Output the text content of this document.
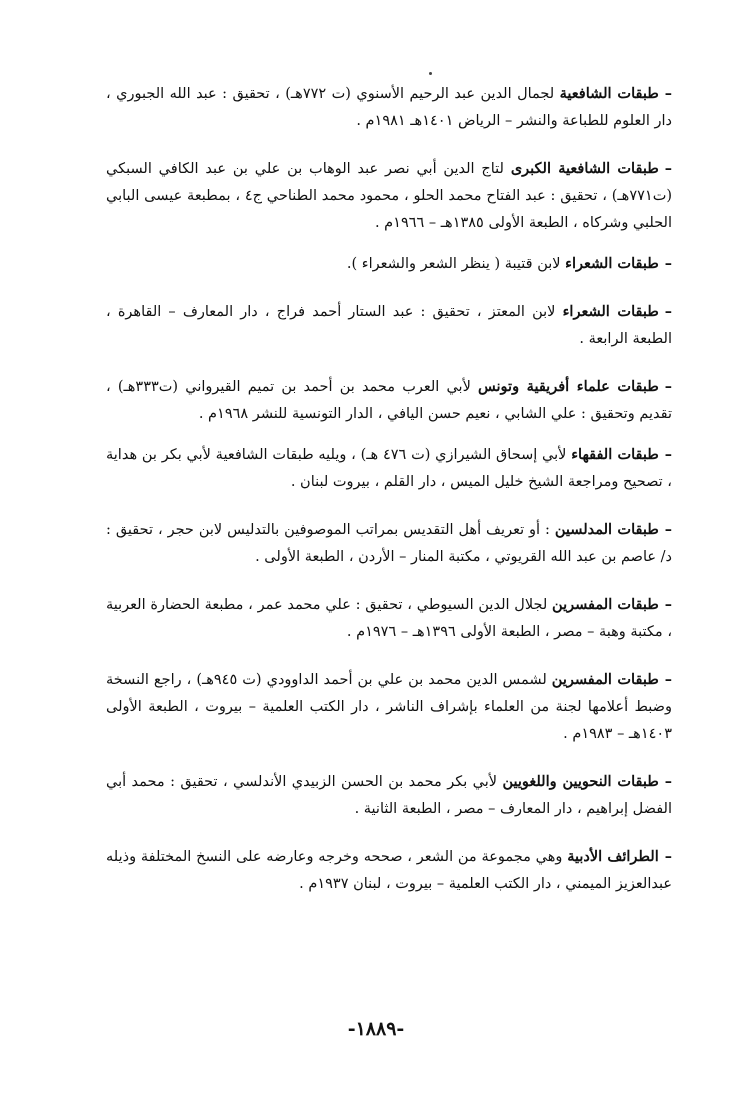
–طبقات الشافعية لجمال الدين عبد الرحيم الأسنوي (ت ٧٧٢هـ) ، تحقيق : عبد الله الجبوري ، دار العلوم للطباعة والنشر – الرياض ١٤٠١هـ ١٩٨١م .

–طبقات الشافعية الكبرى لتاج الدين أبي نصر عبد الوهاب بن علي بن عبد الكافي السبكي (ت٧٧١هـ) ، تحقيق : عبد الفتاح محمد الحلو ، محمود محمد الطناحي ج٤ ، بمطبعة عيسى البابي الحلبي وشركاه ، الطبعة الأولى ١٣٨٥هـ – ١٩٦٦م .

–طبقات الشعراء لابن قتيبة ( ينظر الشعر والشعراء ).

–طبقات الشعراء لابن المعتز ، تحقيق : عبد الستار أحمد فراج ، دار المعارف – القاهرة ، الطبعة الرابعة .

–طبقات علماء أفريقية وتونس لأبي العرب محمد بن أحمد بن تميم القيرواني (ت٣٣٣هـ) ، تقديم وتحقيق : علي الشابي ، نعيم حسن اليافي ، الدار التونسية للنشر ١٩٦٨م .

–طبقات الفقهاء لأبي إسحاق الشيرازي (ت ٤٧٦ هـ) ، ويليه طبقات الشافعية لأبي بكر بن هداية ، تصحيح ومراجعة الشيخ خليل الميس ، دار القلم ، بيروت لبنان .

–طبقات المدلسين : أو تعريف أهل التقديس بمراتب الموصوفين بالتدليس لابن حجر ، تحقيق : د/ عاصم بن عبد الله القريوتي ، مكتبة المنار – الأردن ، الطبعة الأولى .

–طبقات المفسرين لجلال الدين السيوطي ، تحقيق : علي محمد عمر ، مطبعة الحضارة العربية ، مكتبة وهبة – مصر ، الطبعة الأولى ١٣٩٦هـ – ١٩٧٦م .

–طبقات المفسرين لشمس الدين محمد بن علي بن أحمد الداوودي (ت ٩٤٥هـ) ، راجع النسخة وضبط أعلامها لجنة من العلماء بإشراف الناشر ، دار الكتب العلمية – بيروت ، الطبعة الأولى ١٤٠٣هـ – ١٩٨٣م .

–طبقات النحويين واللغويين لأبي بكر محمد بن الحسن الزبيدي الأندلسي ، تحقيق : محمد أبي الفضل إبراهيم ، دار المعارف – مصر ، الطبعة الثانية .

–الطرائف الأدبية وهي مجموعة من الشعر ، صححه وخرجه وعارضه على النسخ المختلفة وذيله عبدالعزيز الميمني ، دار الكتب العلمية – بيروت ، لبنان ١٩٣٧م .

-١٨٨٩-
